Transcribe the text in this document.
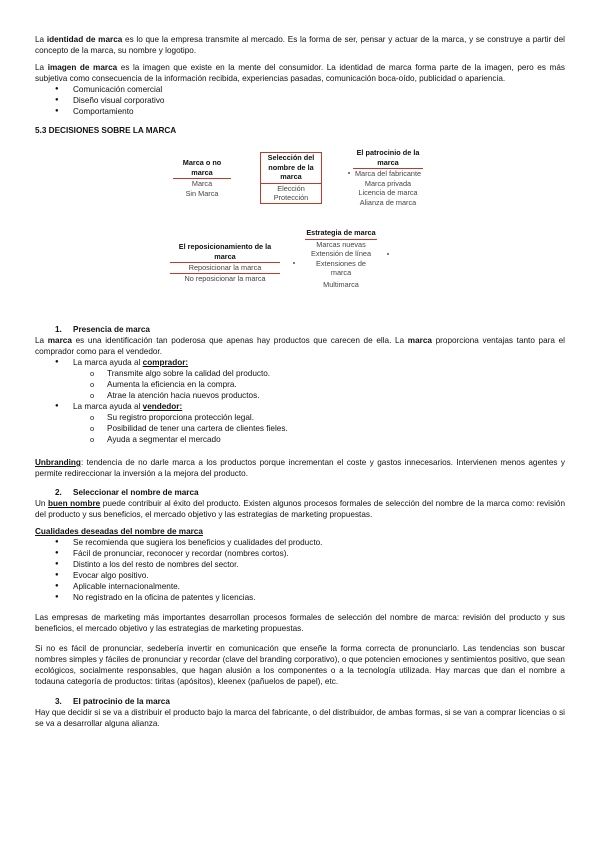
La identidad de marca es lo que la empresa transmite al mercado. Es la forma de ser, pensar y actuar de la marca, y se construye a partir del concepto de la marca, su nombre y logotipo.

La imagen de marca es la imagen que existe en la mente del consumidor. La identidad de marca forma parte de la imagen, pero es más subjetiva como consecuencia de la información recibida, experiencias pasadas, comunicación boca-oído, publicidad o apariencia.

● Comunicación comercial
● Diseño visual corporativo
● Comportamiento

5.3 DECISIONES SOBRE LA MARCA

Marca o no marca
Marca
Sin Marca
Selección del nombre de la marca
Elección
Protección
El patrocinio de la marca
Marca del fabricante
Marca privada
Licencia de marca
Alianza de marca
El reposicionamiento de la marca
Reposicionar la marca
No reposicionar la marca
Estrategia de marca
Marcas nuevas
Extensión de línea
Extensiones de marca
Multimarca

1. Presencia de marca

La marca es una identificación tan poderosa que apenas hay productos que carecen de ella. La marca proporciona ventajas tanto para el comprador como para el vendedor.

● La marca ayuda al comprador:
o Transmite algo sobre la calidad del producto.
o Aumenta la eficiencia en la compra.
o Atrae la atención hacia nuevos productos.
● La marca ayuda al vendedor:
o Su registro proporciona protección legal.
o Posibilidad de tener una cartera de clientes fieles.
o Ayuda a segmentar el mercado

Unbranding: tendencia de no darle marca a los productos porque incrementan el coste y gastos innecesarios. Intervienen menos agentes y permite redireccionar la inversión a la mejora del producto.

2. Seleccionar el nombre de marca

Un buen nombre puede contribuir al éxito del producto. Existen algunos procesos formales de selección del nombre de la marca como: revisión del producto y sus beneficios, el mercado objetivo y las estrategias de marketing propuestas.

Cualidades deseadas del nombre de marca

● Se recomienda que sugiera los beneficios y cualidades del producto.
● Fácil de pronunciar, reconocer y recordar (nombres cortos).
● Distinto a los del resto de nombres del sector.
● Evocar algo positivo.
● Aplicable internacionalmente.
● No registrado en la oficina de patentes y licencias.

Las empresas de marketing más importantes desarrollan procesos formales de selección del nombre de marca: revisión del producto y sus beneficios, el mercado objetivo y las estrategias de marketing propuestas.

Si no es fácil de pronunciar, sedebería invertir en comunicación que enseñe la forma correcta de pronunciarlo. Las tendencias son buscar nombres simples y fáciles de pronunciar y recordar (clave del branding corporativo), o que potencien emociones y sentimientos positivo, que sean ecológicos, socialmente responsables, que hagan alusión a los componentes o a la tecnología utilizada. Hay marcas que dan el nombre a todauna categoría de productos: tiritas (apósitos), kleenex (pañuelos de papel), etc.

3. El patrocinio de la marca

Hay que decidir si se va a distribuir el producto bajo la marca del fabricante, o del distribuidor, de ambas formas, si se van a comprar licencias o si se va a desarrollar alguna alianza.
